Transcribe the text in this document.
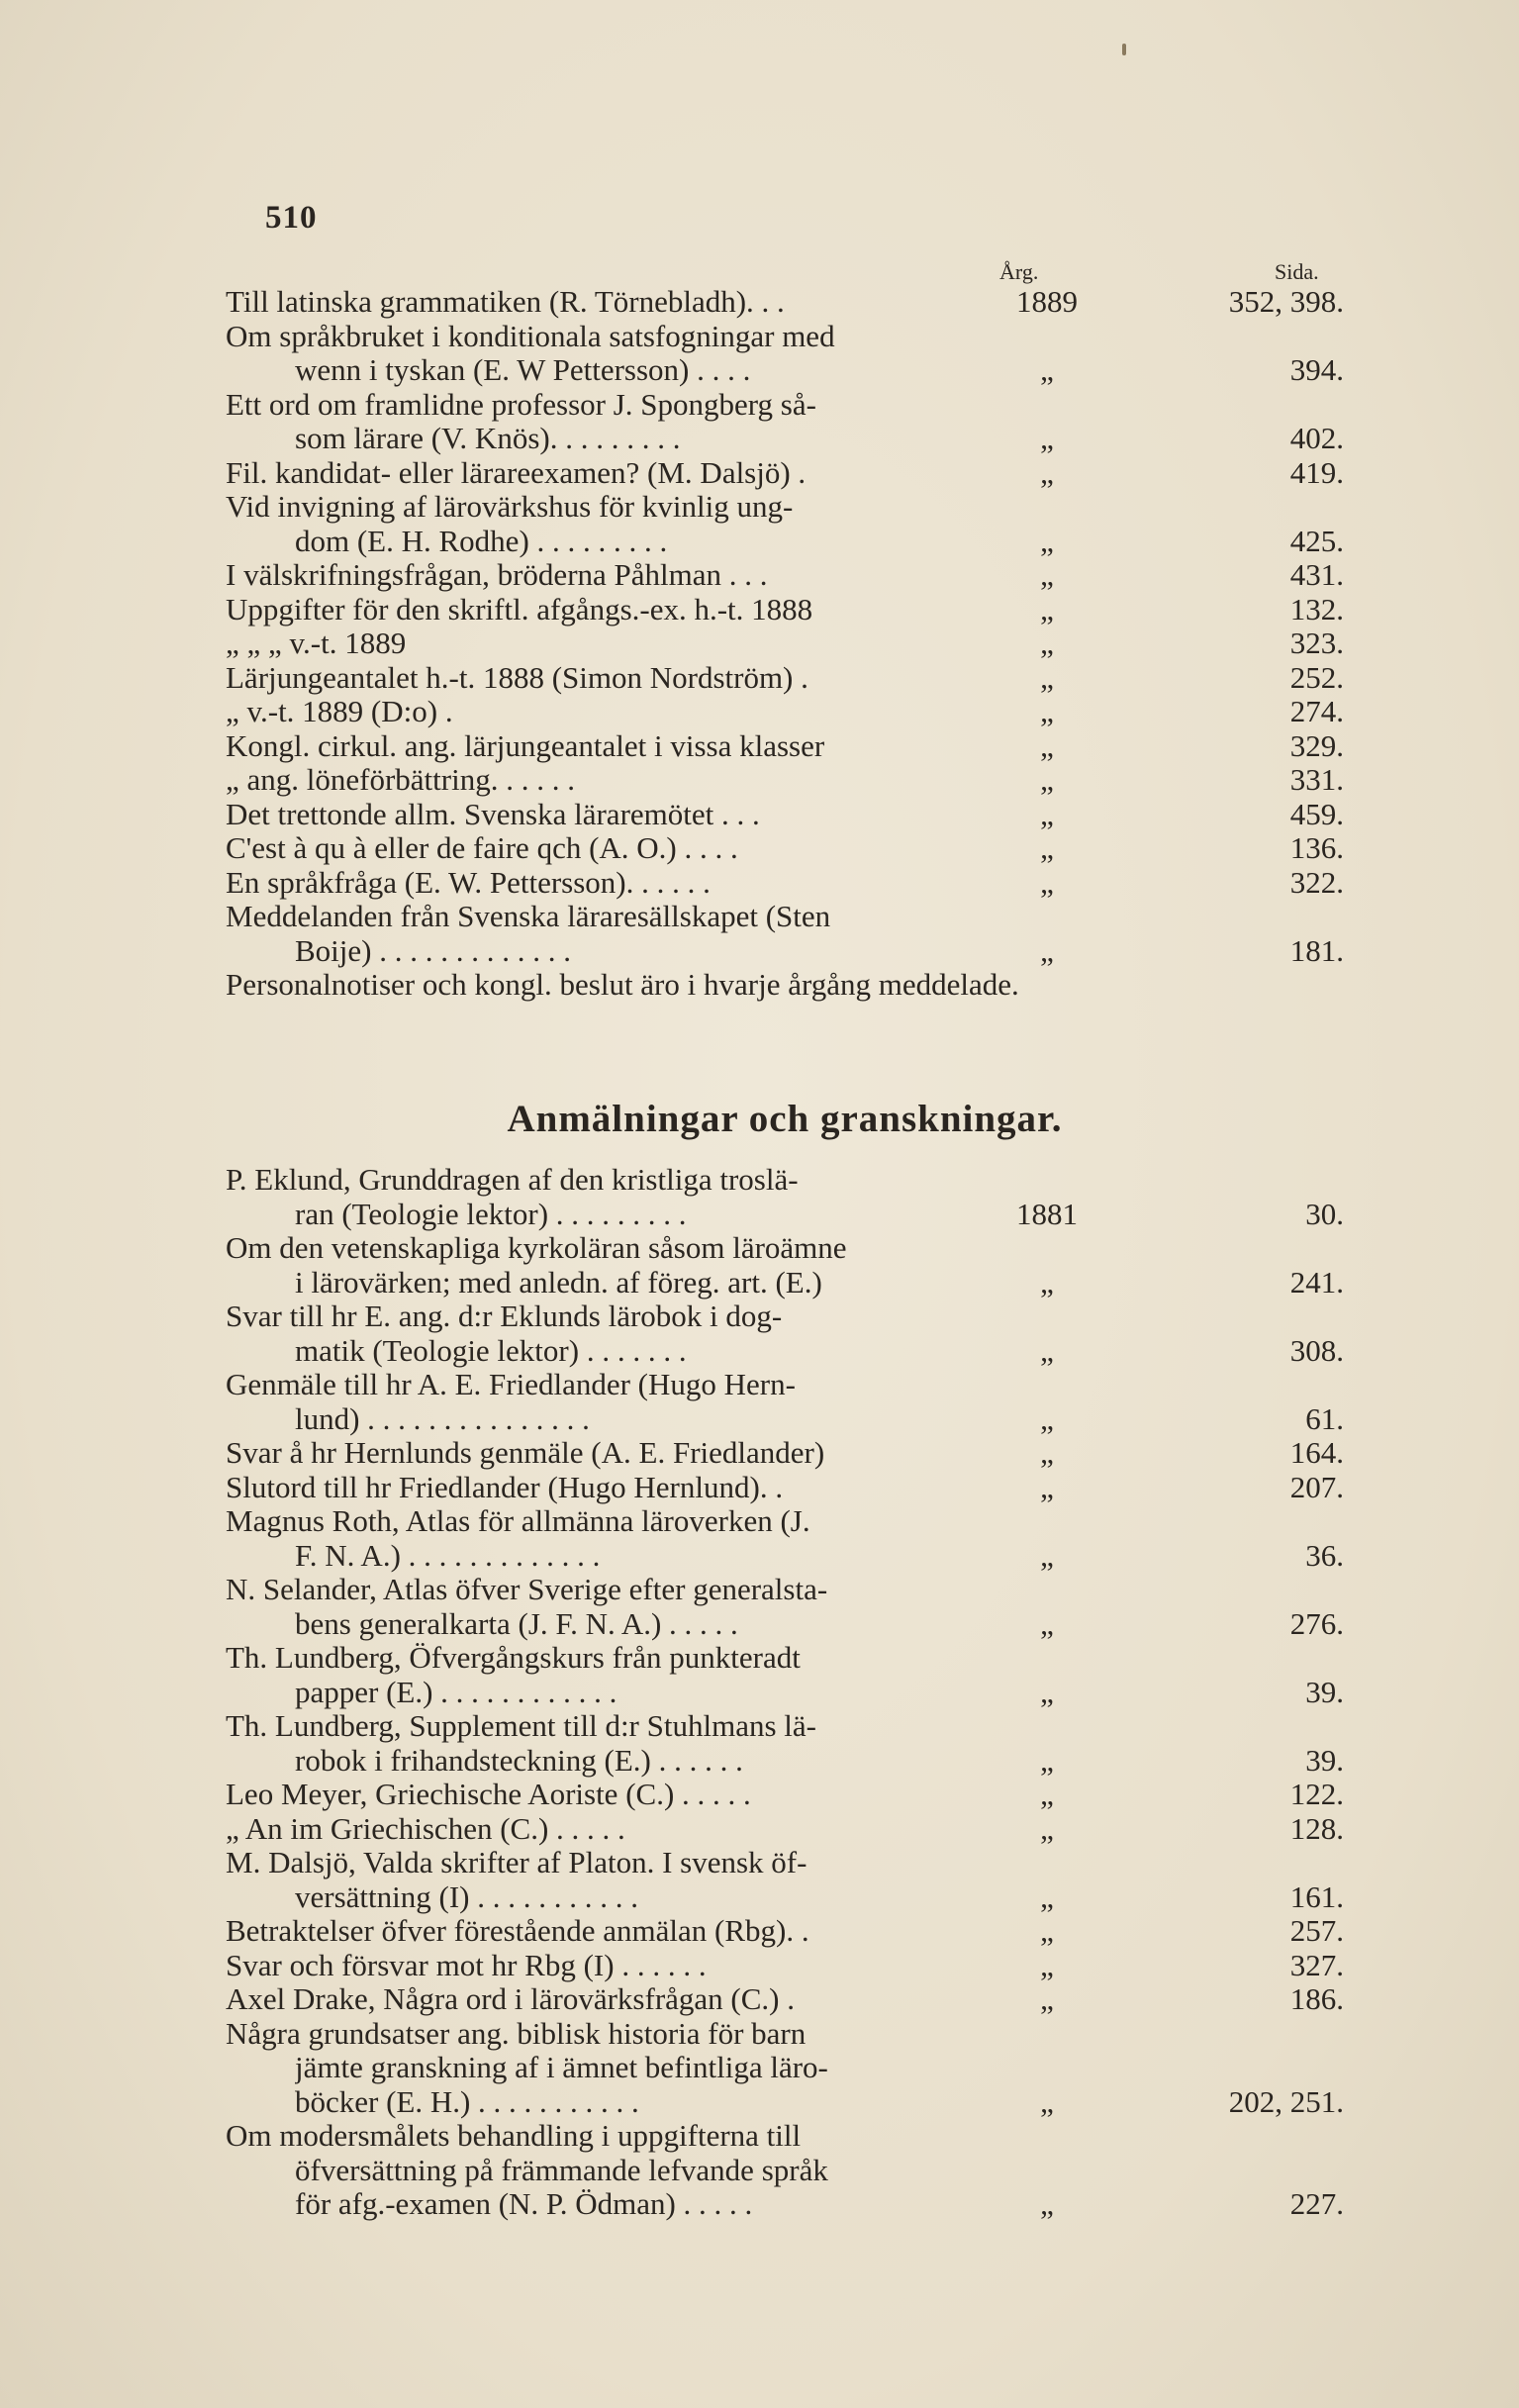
510
Årg.	Sida.
Till latinska grammatiken (R. Törnebladh). . .	1889	352, 398.
Om språkbruket i konditionala satsfogningar med
wenn i tyskan (E. W Pettersson) . . . .	„	394.
Ett ord om framlidne professor J. Spongberg så-
som lärare (V. Knös). . . . . . . . .	„	402.
Fil. kandidat- eller lärareexamen? (M. Dalsjö) .	„	419.
Vid invigning af lärovärkshus för kvinlig ung-
dom (E. H. Rodhe) . . . . . . . . .	„	425.
I välskrifningsfrågan, bröderna Påhlman . . .	„	431.
Uppgifter för den skriftl. afgångs.-ex. h.-t. 1888	„	132.
„ „ „ v.-t. 1889	„	323.
Lärjungeantalet h.-t. 1888 (Simon Nordström) .	„	252.
„ v.-t. 1889 (D:o) .	„	274.
Kongl. cirkul. ang. lärjungeantalet i vissa klasser	„	329.
„ ang. löneförbättring. . . . . .	„	331.
Det trettonde allm. Svenska läraremötet . . .	„	459.
C'est à qu à eller de faire qch (A. O.) . . . .	„	136.
En språkfråga (E. W. Pettersson). . . . . .	„	322.
Meddelanden från Svenska läraresällskapet (Sten
Boije) . . . . . . . . . . . . .	„	181.
Personalnotiser och kongl. beslut äro i hvarje årgång meddelade.
Anmälningar och granskningar.
P. Eklund, Grunddragen af den kristliga troslä-
ran (Teologie lektor) . . . . . . . . .	1881	30.
Om den vetenskapliga kyrkoläran såsom läroämne
i lärovärken; med anledn. af föreg. art. (E.)	„	241.
Svar till hr E. ang. d:r Eklunds lärobok i dog-
matik (Teologie lektor) . . . . . . .	„	308.
Genmäle till hr A. E. Friedlander (Hugo Hern-
lund) . . . . . . . . . . . . . . .	„	61.
Svar å hr Hernlunds genmäle (A. E. Friedlander)	„	164.
Slutord till hr Friedlander (Hugo Hernlund). .	„	207.
Magnus Roth, Atlas för allmänna läroverken (J.
F. N. A.) . . . . . . . . . . . . .	„	36.
N. Selander, Atlas öfver Sverige efter generalsta-
bens generalkarta (J. F. N. A.) . . . . .	„	276.
Th. Lundberg, Öfvergångskurs från punkteradt
papper (E.) . . . . . . . . . . . .	„	39.
Th. Lundberg, Supplement till d:r Stuhlmans lä-
robok i frihandsteckning (E.) . . . . . .	„	39.
Leo Meyer, Griechische Aoriste (C.) . . . . .	„	122.
„ An im Griechischen (C.) . . . . .	„	128.
M. Dalsjö, Valda skrifter af Platon. I svensk öf-
versättning (I) . . . . . . . . . . .	„	161.
Betraktelser öfver förestående anmälan (Rbg). .	„	257.
Svar och försvar mot hr Rbg (I) . . . . . .	„	327.
Axel Drake, Några ord i lärovärksfrågan (C.) .	„	186.
Några grundsatser ang. biblisk historia för barn
jämte granskning af i ämnet befintliga läro-
böcker (E. H.) . . . . . . . . . . .	„	202, 251.
Om modersmålets behandling i uppgifterna till
öfversättning på främmande lefvande språk
för afg.-examen (N. P. Ödman) . . . . .	„	227.
